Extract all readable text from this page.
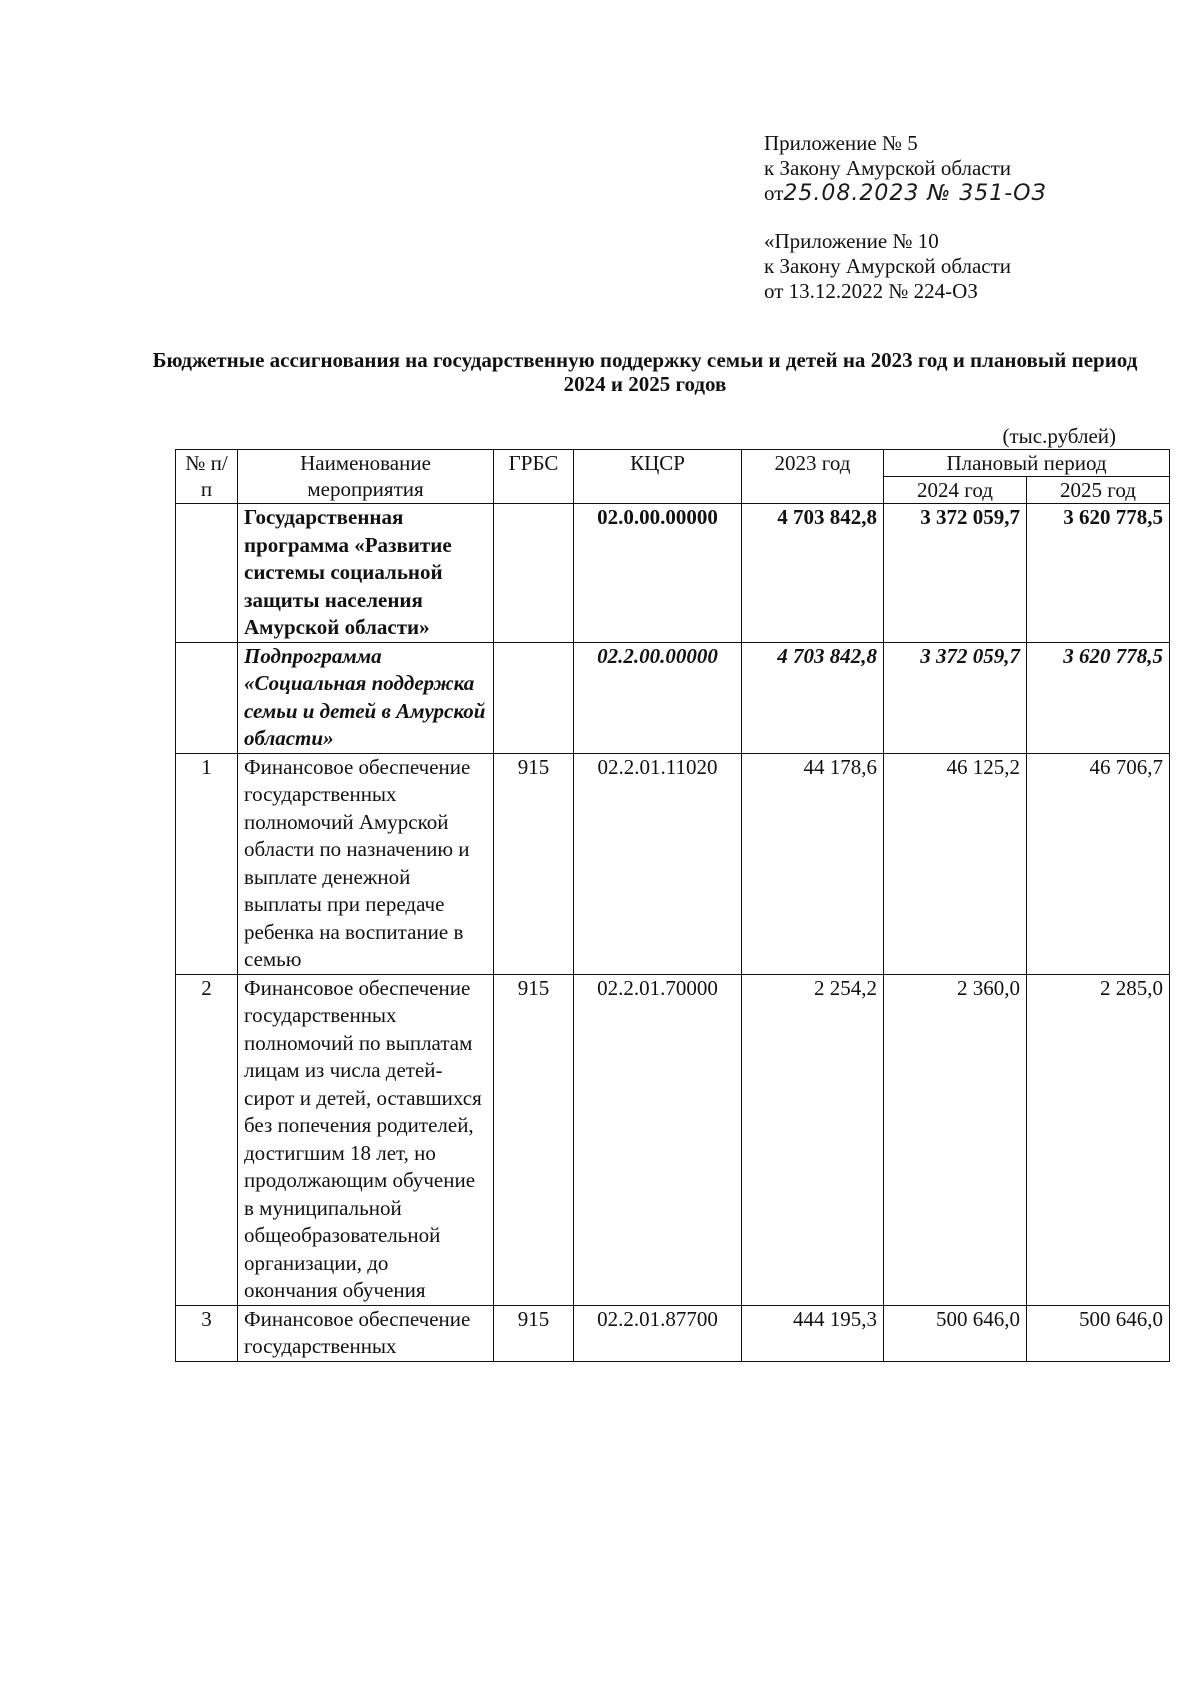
Приложение № 5
к Закону Амурской области
от25.08.2023 № 351-ОЗ
«Приложение № 10
к Закону Амурской области
от 13.12.2022 № 224-ОЗ
Бюджетные ассигнования на государственную поддержку семьи и детей на 2023 год и плановый период 2024 и 2025 годов
(тыс.рублей)
№ п/п	Наименование мероприятия	ГРБС	КЦСР	2023 год	Плановый период	
					2024 год	2025 год
	Государственная программа «Развитие системы социальной защиты населения Амурской области»		02.0.00.00000	4 703 842,8	3 372 059,7	3 620 778,5
	Подпрограмма «Социальная поддержка семьи и детей в Амурской области»		02.2.00.00000	4 703 842,8	3 372 059,7	3 620 778,5
1	Финансовое обеспечение государственных полномочий Амурской области по назначению и выплате денежной выплаты при передаче ребенка на воспитание в семью	915	02.2.01.11020	44 178,6	46 125,2	46 706,7
2	Финансовое обеспечение государственных полномочий по выплатам лицам из числа детей-сирот и детей, оставшихся без попечения родителей, достигшим 18 лет, но продолжающим обучение в муниципальной общеобразовательной организации, до окончания обучения	915	02.2.01.70000	2 254,2	2 360,0	2 285,0
3	Финансовое обеспечение государственных	915	02.2.01.87700	444 195,3	500 646,0	500 646,0
